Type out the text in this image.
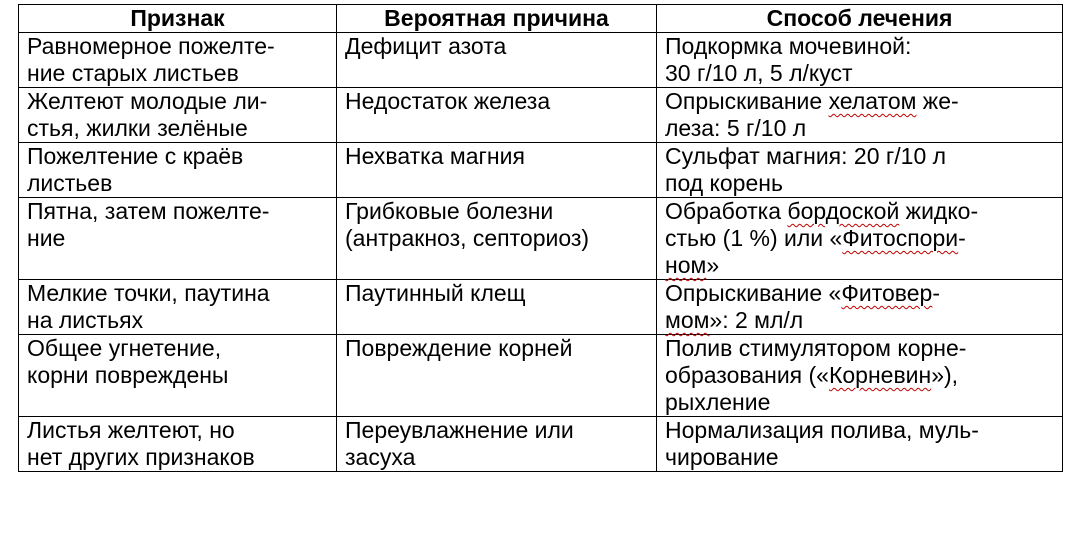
Признак	Вероятная причина	Способ лечения

Равномерное пожелте-
ние старых листьев	Дефицит азота	Подкормка мочевиной:
30 г/10 л, 5 л/куст

Желтеют молодые ли-
стья, жилки зелёные	Недостаток железа	Опрыскивание хелатом же-
леза: 5 г/10 л

Пожелтение с краёв
листьев	Нехватка магния	Сульфат магния: 20 г/10 л
под корень

Пятна, затем пожелте-
ние	Грибковые болезни
(антракноз, септориоз)	Обработка бордоской жидко-
стью (1 %) или «Фитоспори-
ном»

Мелкие точки, паутина
на листьях	Паутинный клещ	Опрыскивание «Фитовер-
мом»: 2 мл/л

Общее угнетение,
корни повреждены	Повреждение корней	Полив стимулятором корне-
образования («Корневин»),
рыхление

Листья желтеют, но
нет других признаков	Переувлажнение или
засуха	Нормализация полива, муль-
чирование
